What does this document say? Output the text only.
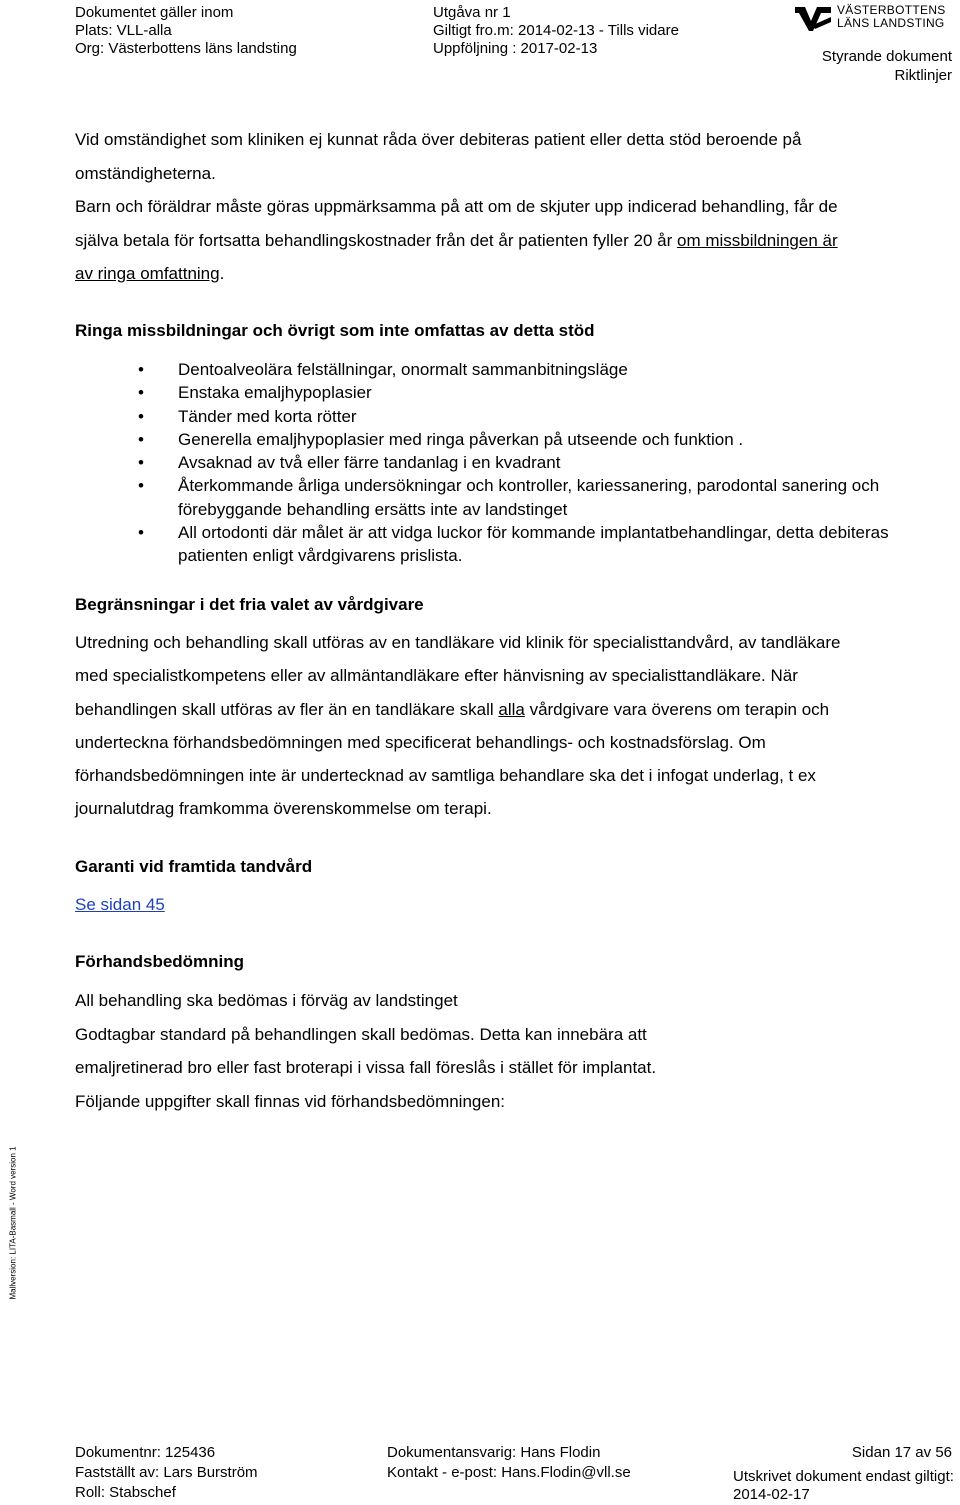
Dokumentet gäller inom
Plats: VLL-alla
Org: Västerbottens läns landsting
Utgåva nr 1
Giltigt fro.m: 2014-02-13 - Tills vidare
Uppföljning : 2017-02-13
VÄSTERBOTTENS
LÄNS LANDSTING
Styrande dokument
Riktlinjer
Vid omständighet som kliniken ej kunnat råda över debiteras patient eller detta stöd beroende på
omständigheterna.
Barn och föräldrar måste göras uppmärksamma på att om de skjuter upp indicerad behandling, får de
själva betala för fortsatta behandlingskostnader från det år patienten fyller 20 år om missbildningen är
av ringa omfattning.
Ringa missbildningar och övrigt som inte omfattas av detta stöd
• Dentoalveolära felställningar, onormalt sammanbitningsläge
• Enstaka emaljhypoplasier
• Tänder med korta rötter
• Generella emaljhypoplasier med ringa påverkan på utseende och funktion .
• Avsaknad av två eller färre tandanlag i en kvadrant
• Återkommande årliga undersökningar och kontroller, kariessanering, parodontal sanering och förebyggande behandling ersätts inte av landstinget
• All ortodonti där målet är att vidga luckor för kommande implantatbehandlingar, detta debiteras patienten enligt vårdgivarens prislista.
Begränsningar i det fria valet av vårdgivare
Utredning och behandling skall utföras av en tandläkare vid klinik för specialisttandvård, av tandläkare
med specialistkompetens eller av allmäntandläkare efter hänvisning av specialisttandläkare. När
behandlingen skall utföras av fler än en tandläkare skall alla vårdgivare vara överens om terapin och
underteckna förhandsbedömningen med specificerat behandlings- och kostnadsförslag. Om
förhandsbedömningen inte är undertecknad av samtliga behandlare ska det i infogat underlag, t ex
journalutdrag framkomma överenskommelse om terapi.
Garanti vid framtida tandvård
Se sidan 45
Förhandsbedömning
All behandling ska bedömas i förväg av landstinget
Godtagbar standard på behandlingen skall bedömas. Detta kan innebära att
emaljretinerad bro eller fast broterapi i vissa fall föreslås i stället för implantat.
Följande uppgifter skall finnas vid förhandsbedömningen:
Mallversion: LITA-Basmall - Word version 1
Dokumentnr: 125436
Fastställt av: Lars Burström
Roll: Stabschef
Dokumentansvarig: Hans Flodin
Kontakt - e-post: Hans.Flodin@vll.se
Sidan 17 av 56
Utskrivet dokument endast giltigt:
2014-02-17
